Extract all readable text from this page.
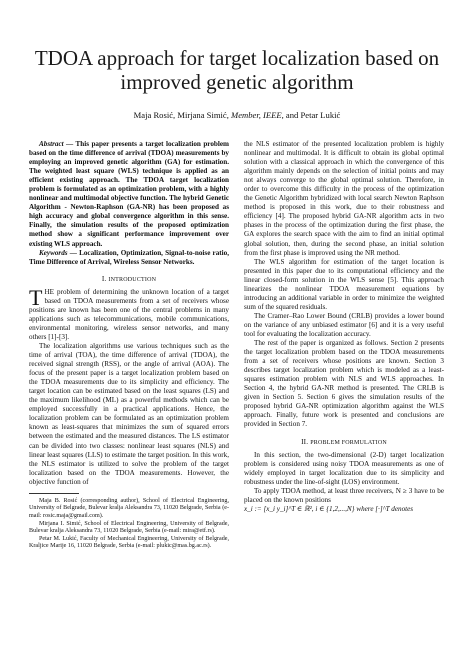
TDOA approach for target localization based on
improved genetic algorithm
Maja Rosić, Mirjana Simić, Member, IEEE, and Petar Lukić

Abstract — This paper presents a target localization problem based on the time difference of arrival (TDOA) measurements by employing an improved genetic algorithm (GA) for estimation. The weighted least square (WLS) technique is applied as an efficient existing approach. The TDOA target localization problem is formulated as an optimization problem, with a highly nonlinear and multimodal objective function. The hybrid Genetic Algorithm - Newton-Raphson (GA-NR) has been proposed as high accuracy and global convergence algorithm in this sense. Finally, the simulation results of the proposed optimization method show a significant performance improvement over existing WLS approach.

Keywords — Localization, Optimization, Signal-to-noise ratio, Time Difference of Arrival, Wireless Sensor Networks.

I. INTRODUCTION

THE problem of determining the unknown location of a target based on TDOA measurements from a set of receivers whose positions are known has been one of the central problems in many applications such as telecommunications, mobile communications, environmental monitoring, wireless sensor networks, and many others [1]-[3].

The localization algorithms use various techniques such as the time of arrival (TOA), the time difference of arrival (TDOA), the received signal strength (RSS), or the angle of arrival (AOA). The focus of the present paper is a target localization problem based on the TDOA measurements due to its simplicity and efficiency. The target location can be estimated based on the least squares (LS) and the maximum likelihood (ML) as a powerful methods which can be employed successfully in a practical applications. Hence, the localization problem can be formulated as an optimization problem known as least-squares that minimizes the sum of squared errors between the estimated and the measured distances. The LS estimator can be divided into two classes: nonlinear least squares (NLS) and linear least squares (LLS) to estimate the target position. In this work, the NLS estimator is utilized to solve the problem of the target localization based on the TDOA measurements. However, the objective function of

Maja B. Rosić (corresponding author), School of Electrical Engineering, University of Belgrade, Bulevar kralja Aleksandra 73, 11020 Belgrade, Serbia (e-mail: rosic.maja@gmail.com).

Mirjana I. Simić, School of Electrical Engineering, University of Belgrade, Bulevar kralja Aleksandra 73, 11020 Belgrade, Serbia (e-mail: mira@etf.rs).

Petar M. Lukić, Faculty of Mechanical Engineering, University of Belgrade, Kraljice Marije 16, 11020 Belgrade, Serbia (e-mail: plukic@mas.bg.ac.rs).

the NLS estimator of the presented localization problem is highly nonlinear and multimodal. It is difficult to obtain its global optimal solution with a classical approach in which the convergence of this algorithm mainly depends on the selection of initial points and may not always converge to the global optimal solution. Therefore, in order to overcome this difficulty in the process of the optimization the Genetic Algorithm hybridized with local search Newton Raphson method is proposed in this work, due to their robustness and efficiency [4]. The proposed hybrid GA-NR algorithm acts in two phases in the process of the optimization during the first phase, the GA explores the search space with the aim to find an initial optimal global solution, then, during the second phase, an initial solution from the first phase is improved using the NR method.

The WLS algorithm for estimation of the target location is presented in this paper due to its computational efficiency and the linear closed-form solution in the WLS sense [5]. This approach linearizes the nonlinear TDOA measurement equations by introducing an additional variable in order to minimize the weighted sum of the squared residuals.

The Cramer–Rao Lower Bound (CRLB) provides a lower bound on the variance of any unbiased estimator [6] and it is a very useful tool for evaluating the localization accuracy.

The rest of the paper is organized as follows. Section 2 presents the target localization problem based on the TDOA measurements from a set of receivers whose positions are known. Section 3 describes target localization problem which is modeled as a least-squares estimation problem with NLS and WLS approaches. In Section 4, the hybrid GA-NR method is presented. The CRLB is given in Section 5. Section 6 gives the simulation results of the proposed hybrid GA-NR optimization algorithm against the WLS approach. Finally, future work is presented and conclusions are provided in Section 7.

II. PROBLEM FORMULATION

In this section, the two-dimensional (2-D) target localization problem is considered using noisy TDOA measurements as one of widely employed in target localization due to its simplicity and robustness under the line-of-sight (LOS) environment.

To apply TDOA method, at least three receivers, N ≥ 3 have to be placed on the known positions

x_i := [x_i y_i]^T ∈ ℝ², i ∈ {1,2,...,N} where [·]^T denotes
